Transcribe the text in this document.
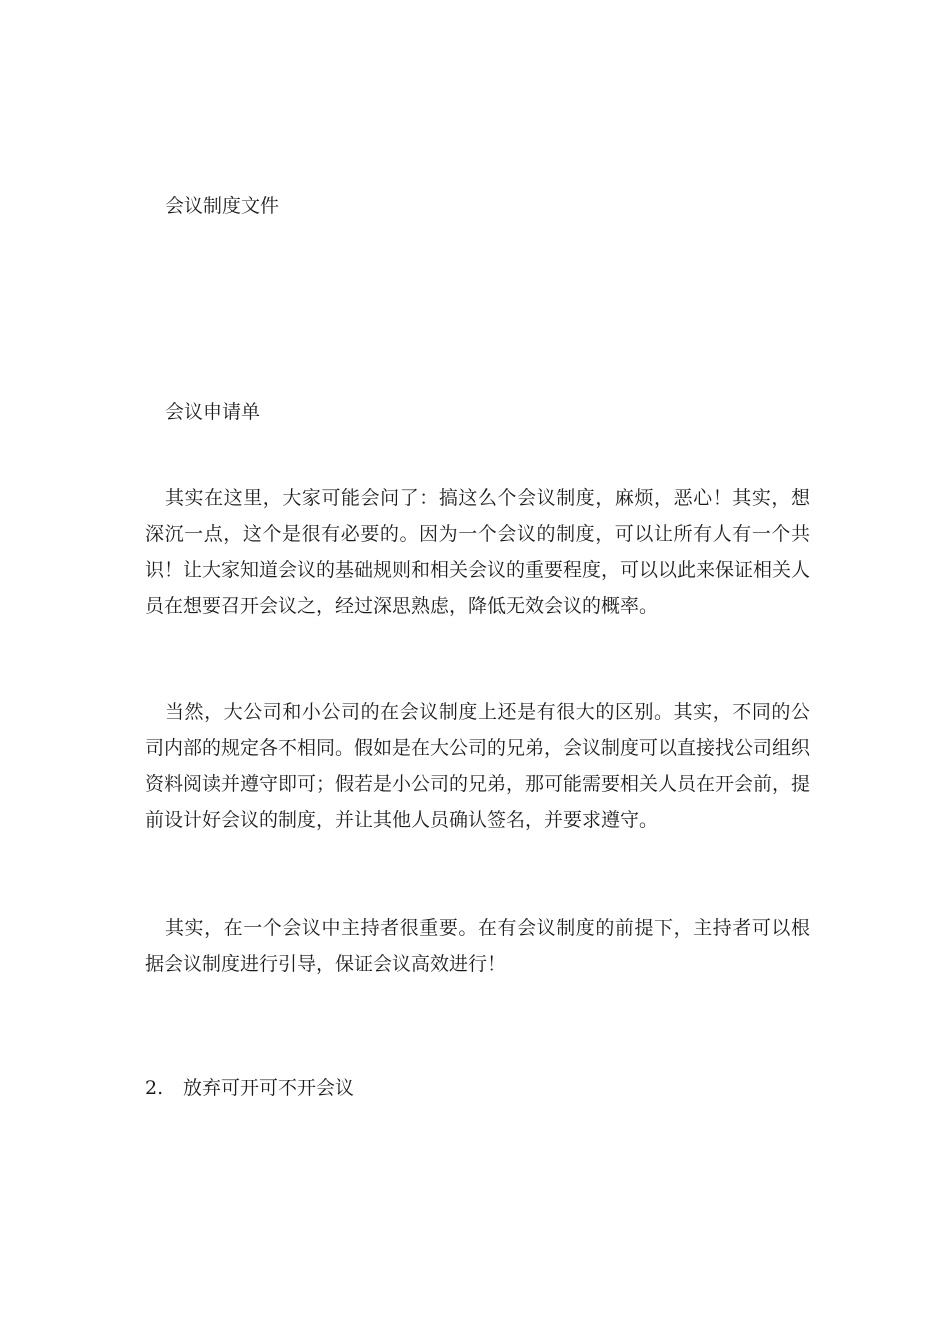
会议制度文件
会议申请单

其实在这里，大家可能会问了：搞这么个会议制度，麻烦，恶心！其实，想深沉一点，这个是很有必要的。因为一个会议的制度，可以让所有人有一个共识！让大家知道会议的基础规则和相关会议的重要程度，可以以此来保证相关人员在想要召开会议之，经过深思熟虑，降低无效会议的概率。

当然，大公司和小公司的在会议制度上还是有很大的区别。其实，不同的公司内部的规定各不相同。假如是在大公司的兄弟，会议制度可以直接找公司组织资料阅读并遵守即可；假若是小公司的兄弟，那可能需要相关人员在开会前，提前设计好会议的制度，并让其他人员确认签名，并要求遵守。

其实，在一个会议中主持者很重要。在有会议制度的前提下，主持者可以根据会议制度进行引导，保证会议高效进行！

2. 放弃可开可不开会议
